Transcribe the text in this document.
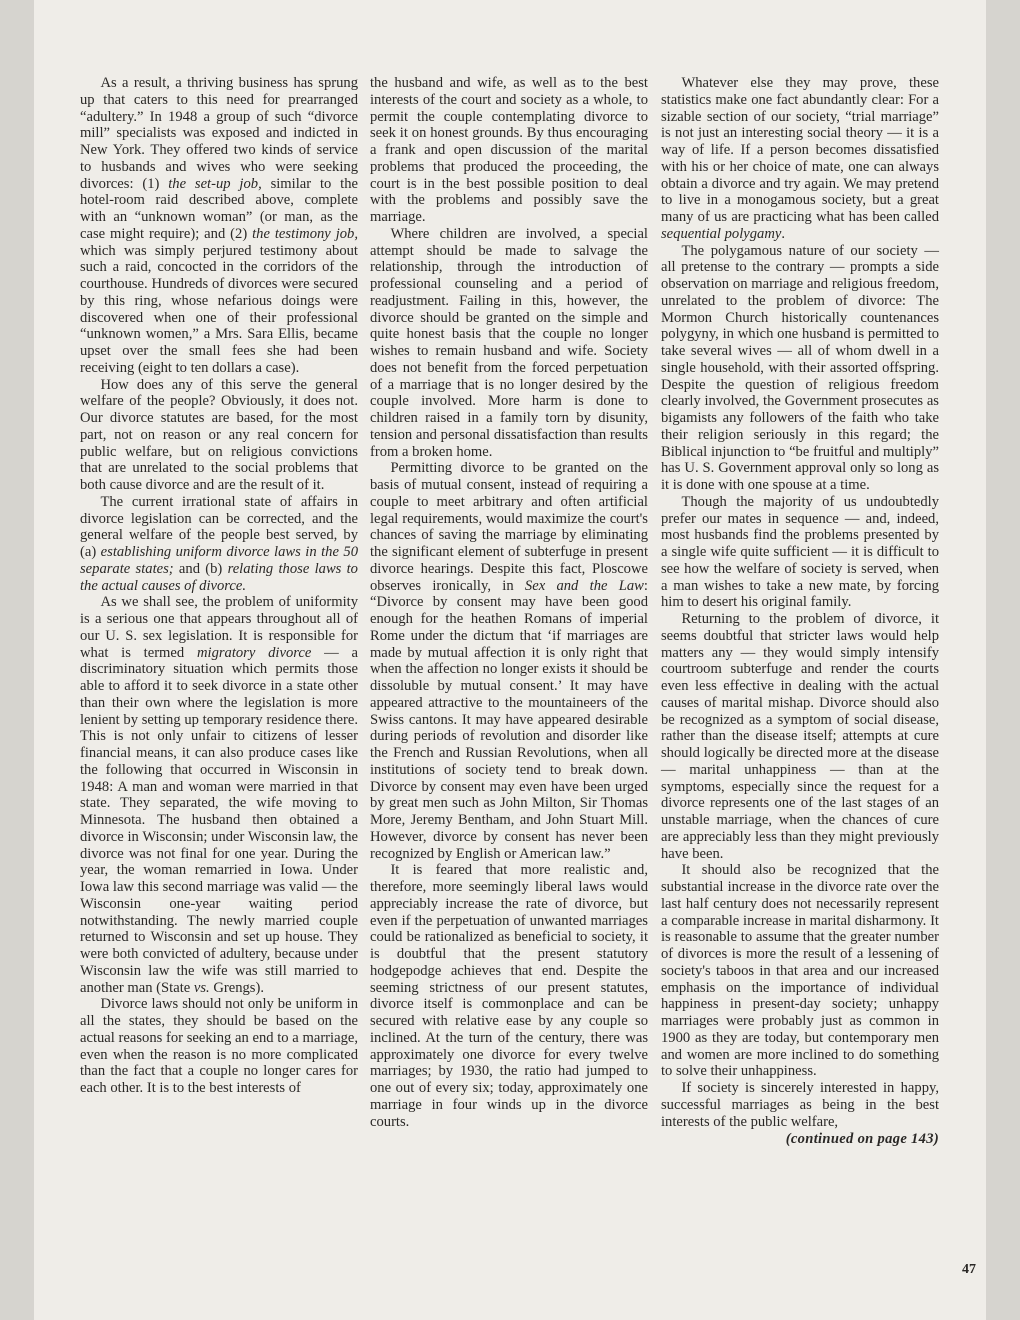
As a result, a thriving business has sprung up that caters to this need for prearranged “adultery.” In 1948 a group of such “divorce mill” specialists was exposed and indicted in New York. They offered two kinds of service to husbands and wives who were seeking divorces: (1) the set-up job, similar to the hotel-room raid described above, complete with an “unknown woman” (or man, as the case might require); and (2) the testimony job, which was simply perjured testimony about such a raid, concocted in the corridors of the courthouse. Hundreds of divorces were secured by this ring, whose nefarious doings were discovered when one of their professional “unknown women,” a Mrs. Sara Ellis, became upset over the small fees she had been receiving (eight to ten dollars a case).

How does any of this serve the general welfare of the people? Obviously, it does not. Our divorce statutes are based, for the most part, not on reason or any real concern for public welfare, but on religious convictions that are unrelated to the social problems that both cause divorce and are the result of it.

The current irrational state of affairs in divorce legislation can be corrected, and the general welfare of the people best served, by (a) establishing uniform divorce laws in the 50 separate states; and (b) relating those laws to the actual causes of divorce.

As we shall see, the problem of uniformity is a serious one that appears throughout all of our U. S. sex legislation. It is responsible for what is termed migratory divorce — a discriminatory situation which permits those able to afford it to seek divorce in a state other than their own where the legislation is more lenient by setting up temporary residence there. This is not only unfair to citizens of lesser financial means, it can also produce cases like the following that occurred in Wisconsin in 1948: A man and woman were married in that state. They separated, the wife moving to Minnesota. The husband then obtained a divorce in Wisconsin; under Wisconsin law, the divorce was not final for one year. During the year, the woman remarried in Iowa. Under Iowa law this second marriage was valid — the Wisconsin one-year waiting period notwithstanding. The newly married couple returned to Wisconsin and set up house. They were both convicted of adultery, because under Wisconsin law the wife was still married to another man (State vs. Grengs).

Divorce laws should not only be uniform in all the states, they should be based on the actual reasons for seeking an end to a marriage, even when the reason is no more complicated than the fact that a couple no longer cares for each other. It is to the best interests of

the husband and wife, as well as to the best interests of the court and society as a whole, to permit the couple contemplating divorce to seek it on honest grounds. By thus encouraging a frank and open discussion of the marital problems that produced the proceeding, the court is in the best possible position to deal with the problems and possibly save the marriage.

Where children are involved, a special attempt should be made to salvage the relationship, through the introduction of professional counseling and a period of readjustment. Failing in this, however, the divorce should be granted on the simple and quite honest basis that the couple no longer wishes to remain husband and wife. Society does not benefit from the forced perpetuation of a marriage that is no longer desired by the couple involved. More harm is done to children raised in a family torn by disunity, tension and personal dissatisfaction than results from a broken home.

Permitting divorce to be granted on the basis of mutual consent, instead of requiring a couple to meet arbitrary and often artificial legal requirements, would maximize the court's chances of saving the marriage by eliminating the significant element of subterfuge in present divorce hearings. Despite this fact, Ploscowe observes ironically, in Sex and the Law: “Divorce by consent may have been good enough for the heathen Romans of imperial Rome under the dictum that ‘if marriages are made by mutual affection it is only right that when the affection no longer exists it should be dissoluble by mutual consent.’ It may have appeared attractive to the mountaineers of the Swiss cantons. It may have appeared desirable during periods of revolution and disorder like the French and Russian Revolutions, when all institutions of society tend to break down. Divorce by consent may even have been urged by great men such as John Milton, Sir Thomas More, Jeremy Bentham, and John Stuart Mill. However, divorce by consent has never been recognized by English or American law.”

It is feared that more realistic and, therefore, more seemingly liberal laws would appreciably increase the rate of divorce, but even if the perpetuation of unwanted marriages could be rationalized as beneficial to society, it is doubtful that the present statutory hodgepodge achieves that end. Despite the seeming strictness of our present statutes, divorce itself is commonplace and can be secured with relative ease by any couple so inclined. At the turn of the century, there was approximately one divorce for every twelve marriages; by 1930, the ratio had jumped to one out of every six; today, approximately one marriage in four winds up in the divorce courts.

Whatever else they may prove, these statistics make one fact abundantly clear: For a sizable section of our society, “trial marriage” is not just an interesting social theory — it is a way of life. If a person becomes dissatisfied with his or her choice of mate, one can always obtain a divorce and try again. We may pretend to live in a monogamous society, but a great many of us are practicing what has been called sequential polygamy.

The polygamous nature of our society — all pretense to the contrary — prompts a side observation on marriage and religious freedom, unrelated to the problem of divorce: The Mormon Church historically countenances polygyny, in which one husband is permitted to take several wives — all of whom dwell in a single household, with their assorted offspring. Despite the question of religious freedom clearly involved, the Government prosecutes as bigamists any followers of the faith who take their religion seriously in this regard; the Biblical injunction to “be fruitful and multiply” has U. S. Government approval only so long as it is done with one spouse at a time.

Though the majority of us undoubtedly prefer our mates in sequence — and, indeed, most husbands find the problems presented by a single wife quite sufficient — it is difficult to see how the welfare of society is served, when a man wishes to take a new mate, by forcing him to desert his original family.

Returning to the problem of divorce, it seems doubtful that stricter laws would help matters any — they would simply intensify courtroom subterfuge and render the courts even less effective in dealing with the actual causes of marital mishap. Divorce should also be recognized as a symptom of social disease, rather than the disease itself; attempts at cure should logically be directed more at the disease — marital unhappiness — than at the symptoms, especially since the request for a divorce represents one of the last stages of an unstable marriage, when the chances of cure are appreciably less than they might previously have been.

It should also be recognized that the substantial increase in the divorce rate over the last half century does not necessarily represent a comparable increase in marital disharmony. It is reasonable to assume that the greater number of divorces is more the result of a lessening of society's taboos in that area and our increased emphasis on the importance of individual happiness in present-day society; unhappy marriages were probably just as common in 1900 as they are today, but contemporary men and women are more inclined to do something to solve their unhappiness.

If society is sincerely interested in happy, successful marriages as being in the best interests of the public welfare,

(continued on page 143)

47
